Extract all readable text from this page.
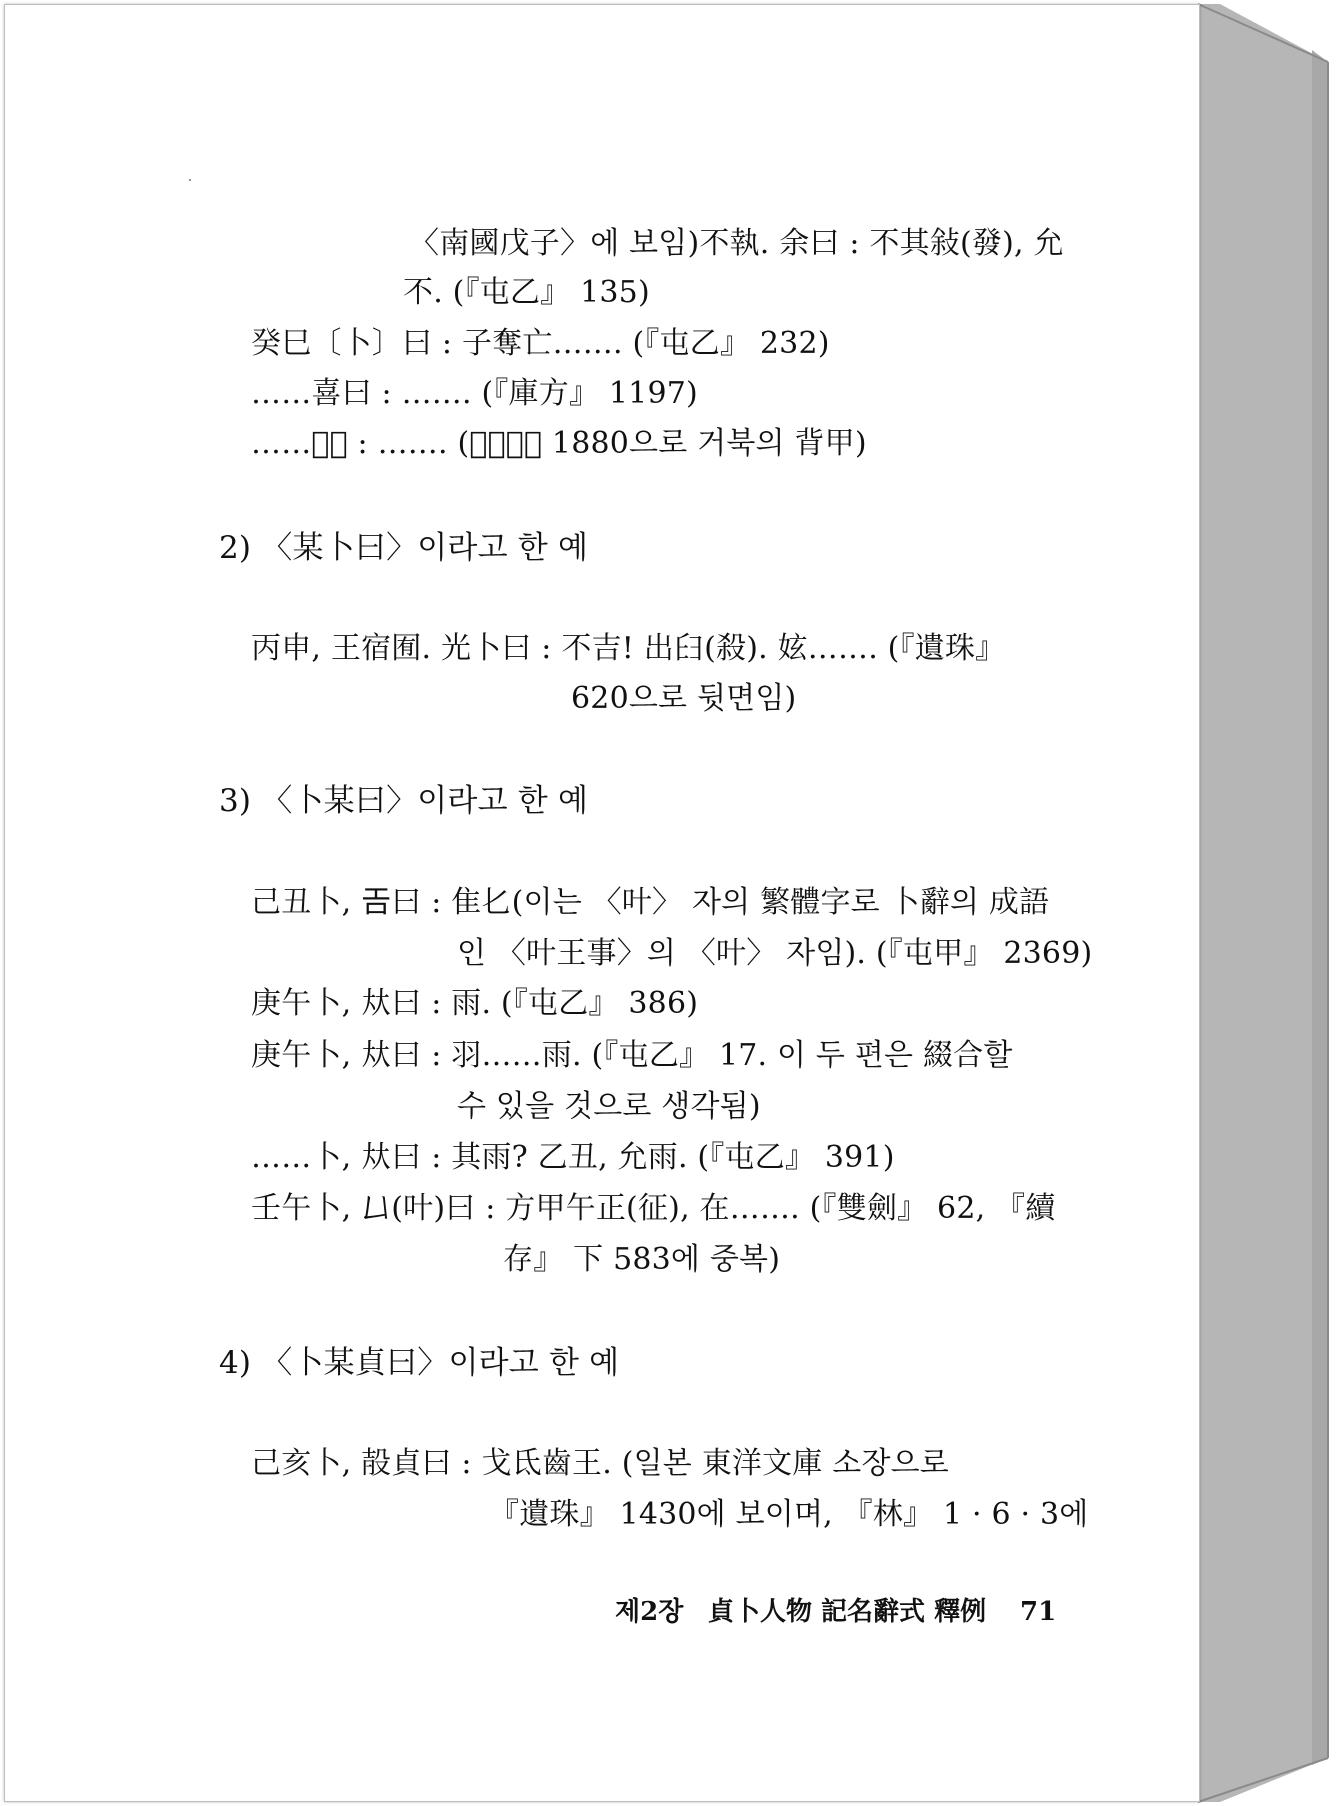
〈南國戊子〉에 보임)不執. 余曰 : 不其敍(發), 允
不. (『屯乙』 135)
癸巳〔卜〕曰 : 子奪亡……. (『屯乙』 232)
……喜曰 : ……. (『庫方』 1197)
……𡧊曰 : ……. (『屯乙』 1880으로 거북의 背甲)
2) 〈某卜曰〉이라고 한 예
丙申, 王宿囿. 光卜曰 : 不吉! 出𦥑(殺). 妶……. (『遺珠』
620으로 뒷면임)
3) 〈卜某曰〉이라고 한 예
己丑卜, 𢀛曰 : 隹𠤎(이는 〈叶〉 자의 繁體字로 卜辭의 成語
인 〈叶王事〉의 〈叶〉 자임). (『屯甲』 2369)
庚午卜, 夶曰 : 雨. (『屯乙』 386)
庚午卜, 夶曰 : 羽……雨. (『屯乙』 17. 이 두 편은 綴合할
수 있을 것으로 생각됨)
……卜, 夶曰 : 其雨? 乙丑, 允雨. (『屯乙』 391)
壬午卜, 𠙴(叶)曰 : 方甲午正(征), 在……. (『雙劍』 62, 『續
存』 下 583에 중복)
4) 〈卜某貞曰〉이라고 한 예
己亥卜, 㱿貞曰 : 戈氐齒王. (일본 東洋文庫 소장으로
『遺珠』 1430에 보이며, 『林』 1 · 6 · 3에
제2장 貞卜人物 記名辭式 釋例 71
